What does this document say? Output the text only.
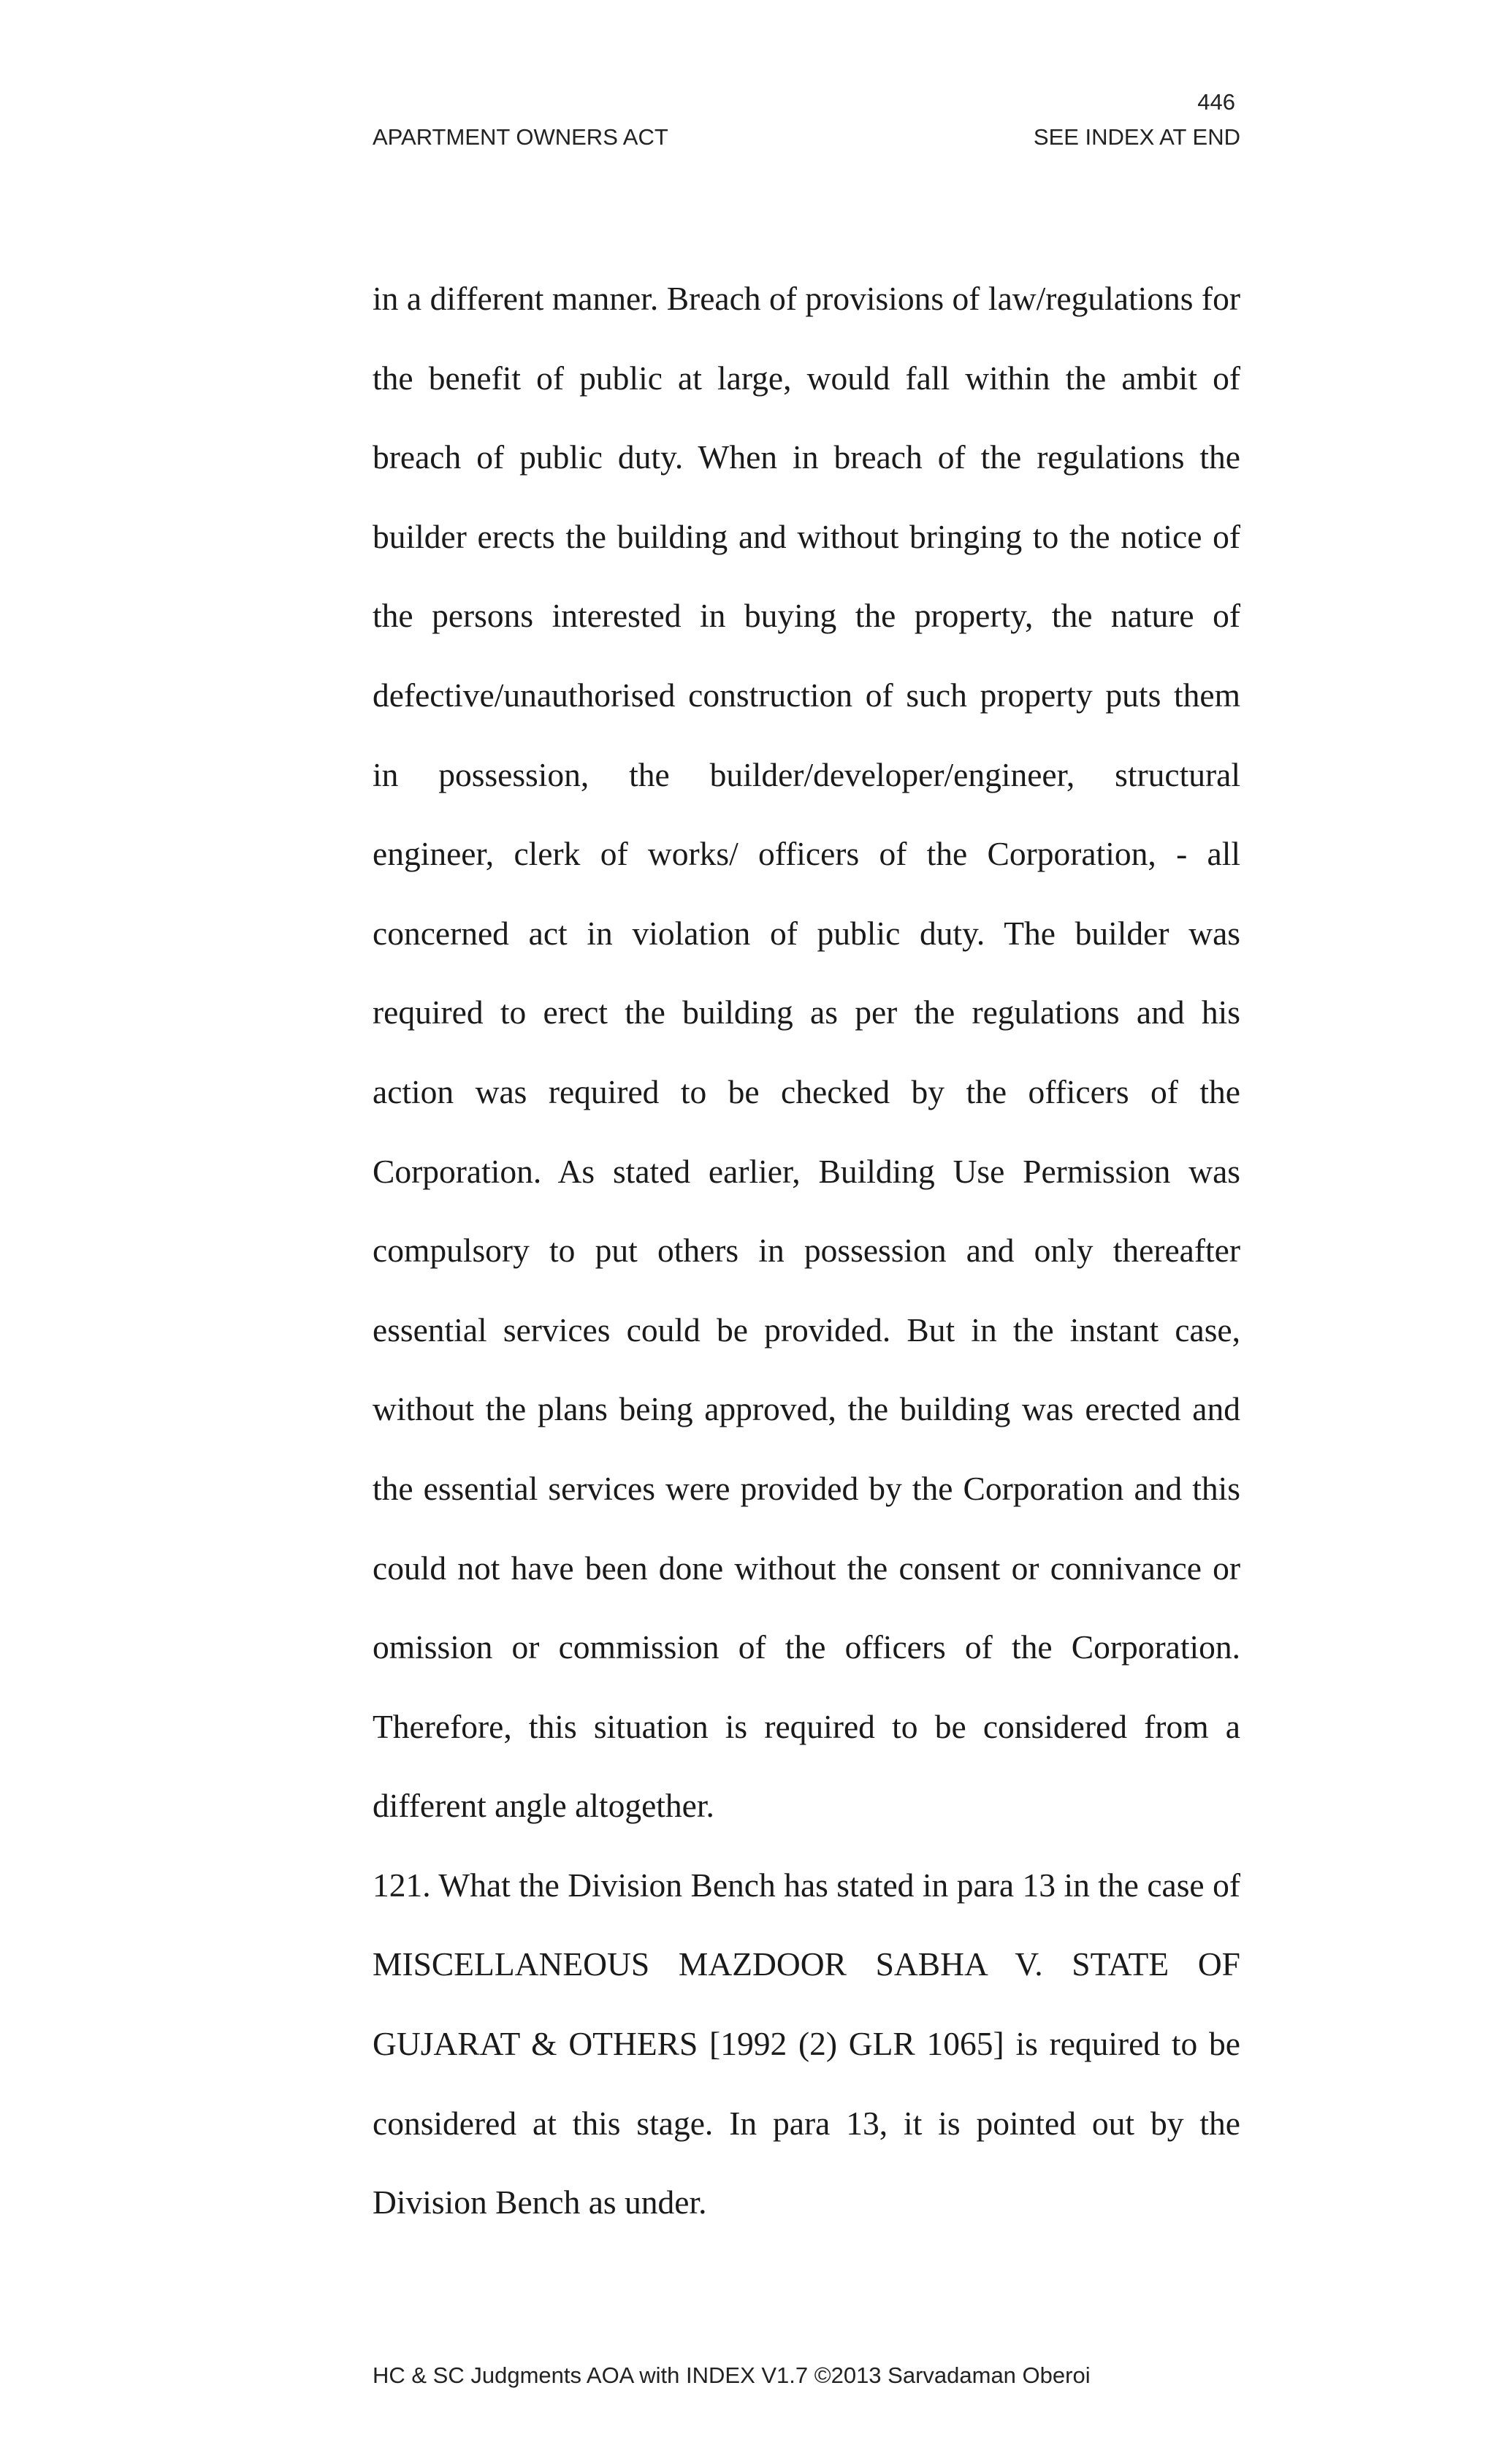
446
APARTMENT OWNERS ACT	SEE INDEX AT END

in a different manner. Breach of provisions of law/regulations for the benefit of public at large, would fall within the ambit of breach of public duty. When in breach of the regulations the builder erects the building and without bringing to the notice of the persons interested in buying the property, the nature of defective/unauthorised construction of such property puts them in possession, the builder/developer/engineer, structural engineer, clerk of works/ officers of the Corporation, - all concerned act in violation of public duty. The builder was required to erect the building as per the regulations and his action was required to be checked by the officers of the Corporation. As stated earlier, Building Use Permission was compulsory to put others in possession and only thereafter essential services could be provided. But in the instant case, without the plans being approved, the building was erected and the essential services were provided by the Corporation and this could not have been done without the consent or connivance or omission or commission of the officers of the Corporation. Therefore, this situation is required to be considered from a different angle altogether.

121. What the Division Bench has stated in para 13 in the case of MISCELLANEOUS MAZDOOR SABHA V. STATE OF GUJARAT & OTHERS [1992 (2) GLR 1065] is required to be considered at this stage. In para 13, it is pointed out by the Division Bench as under.

HC & SC Judgments AOA with INDEX V1.7 ©2013 Sarvadaman Oberoi
